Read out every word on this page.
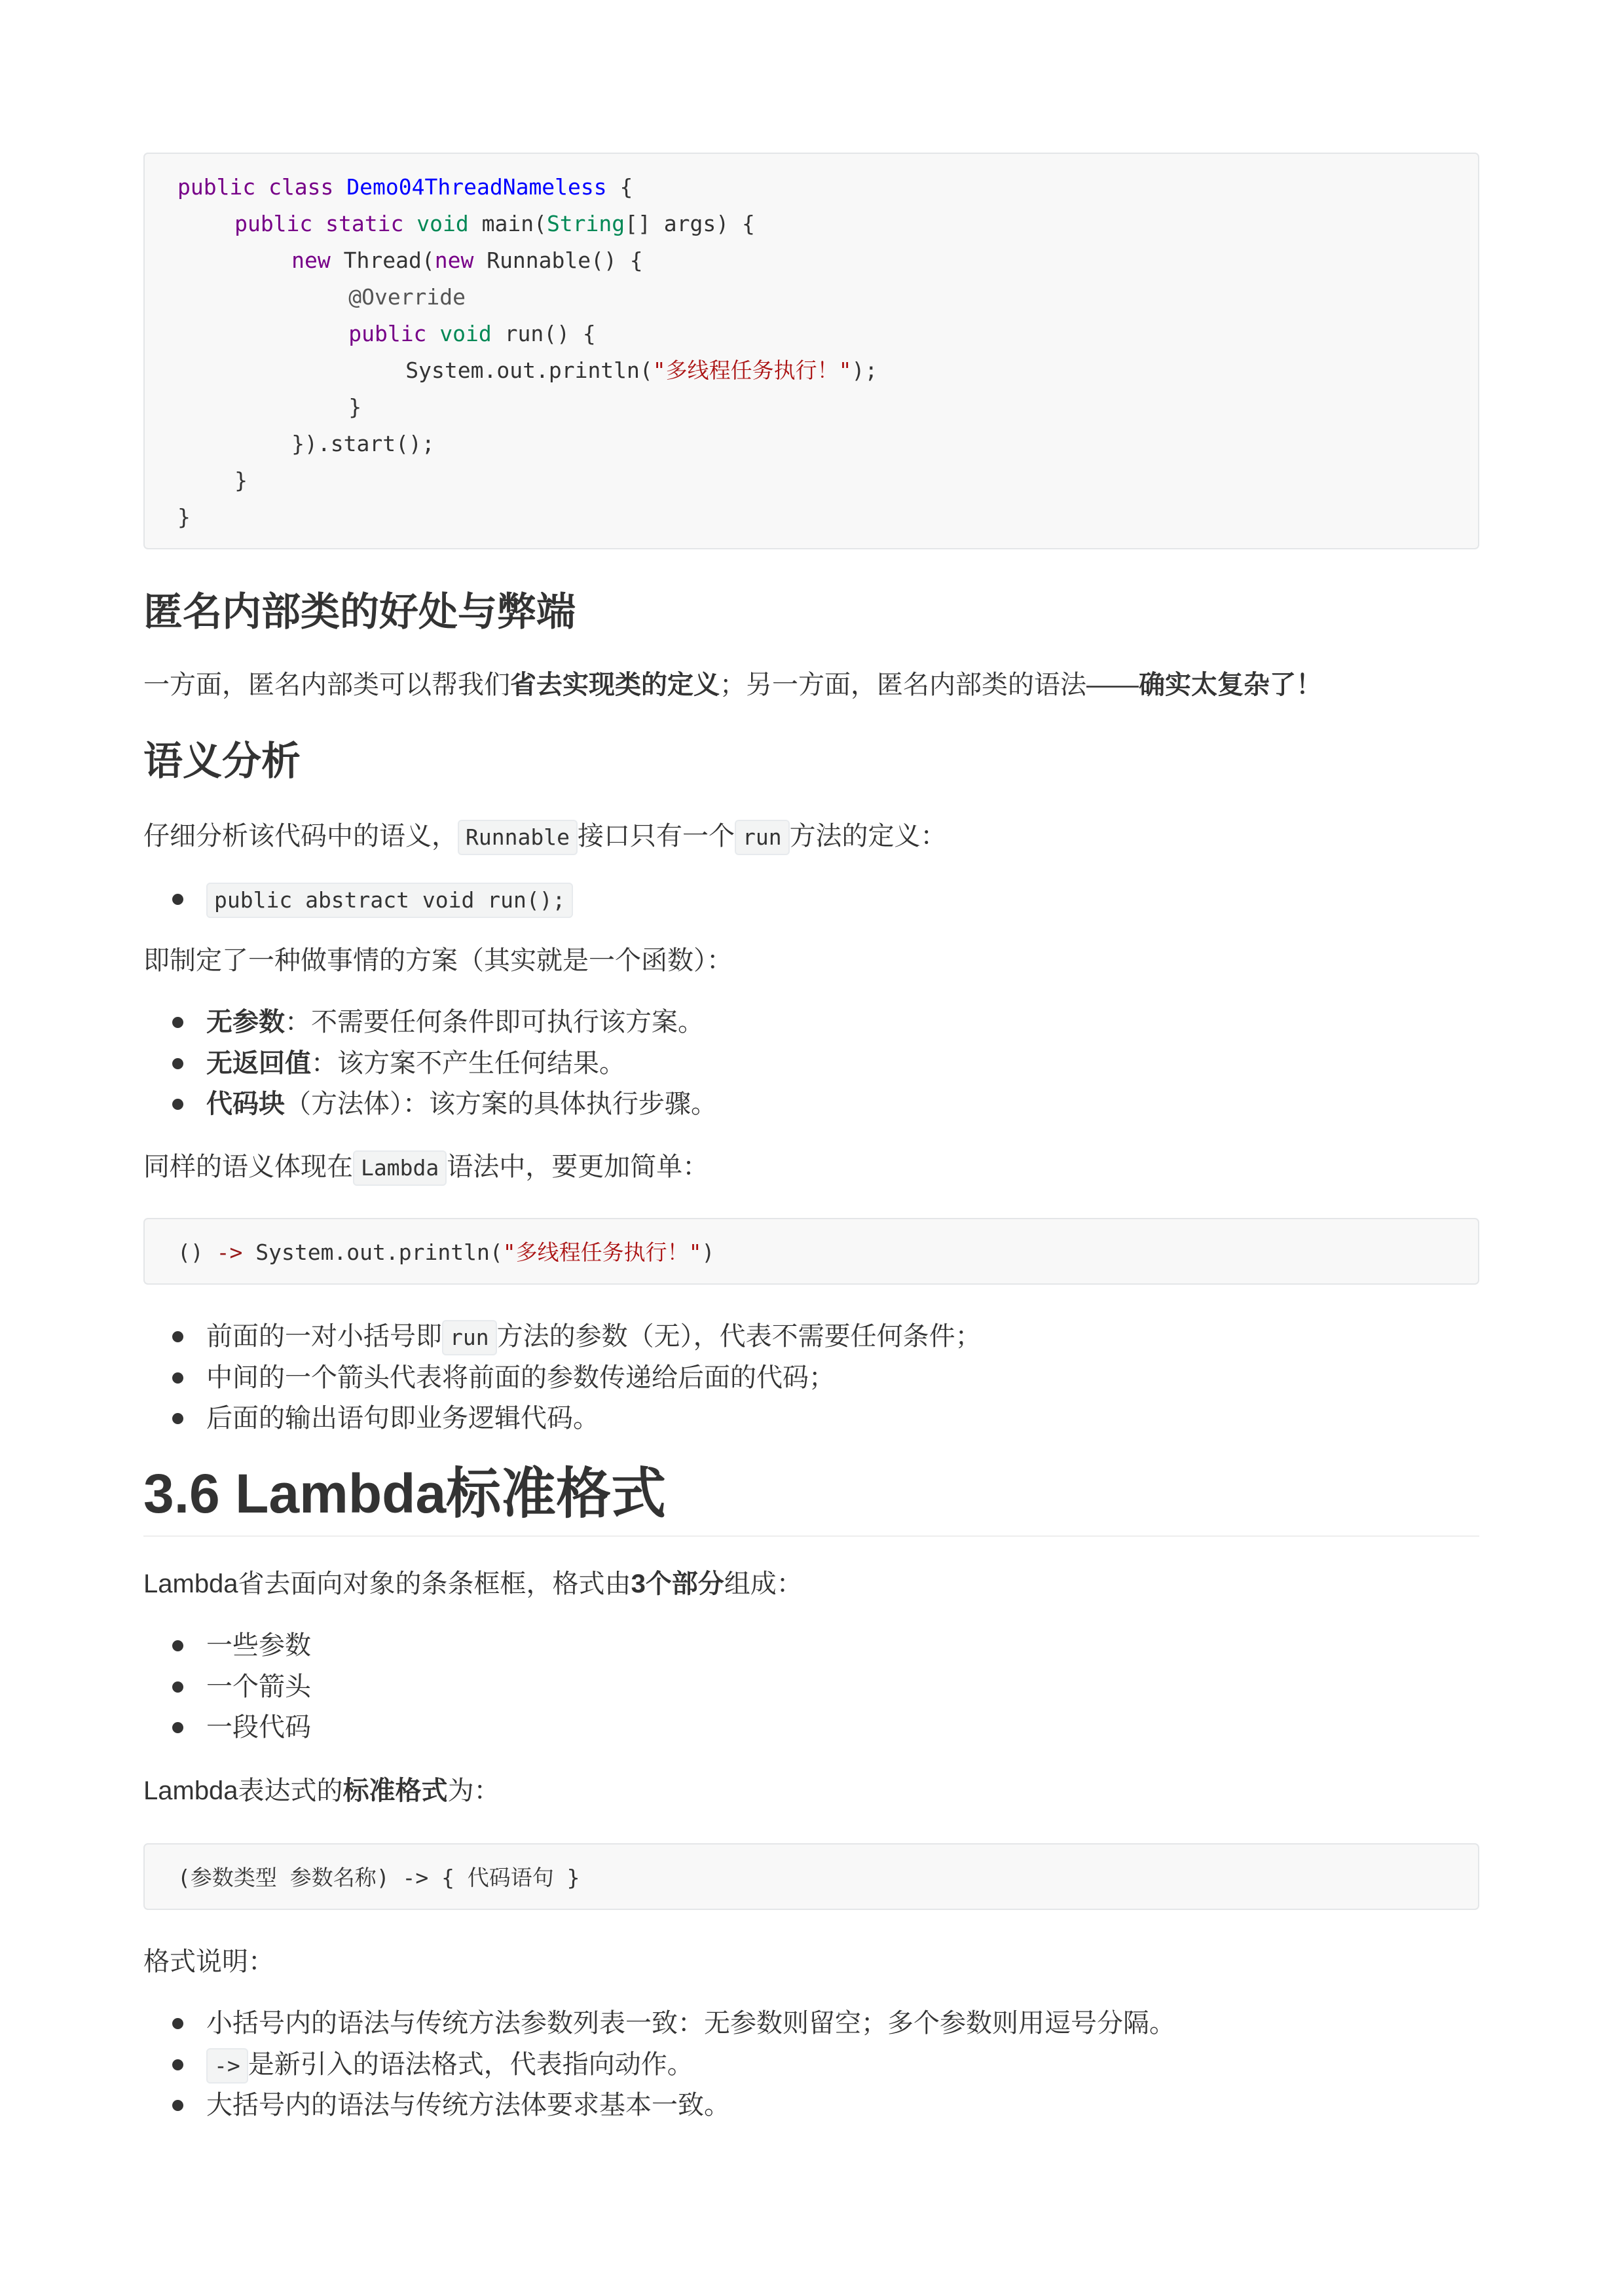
public class Demo04ThreadNameless {
public static void main(String[] args) {
new Thread(new Runnable() {
@Override
public void run() {
System.out.println("多线程任务执行！");
}
}).start();
}
}
匿名内部类的好处与弊端

一方面，匿名内部类可以帮我们省去实现类的定义；另一方面，匿名内部类的语法——确实太复杂了！

语义分析

仔细分析该代码中的语义， Runnable 接口只有一个 run 方法的定义：

public abstract void run();

即制定了一种做事情的方案（其实就是一个函数）：

无参数：不需要任何条件即可执行该方案。
无返回值：该方案不产生任何结果。
代码块（方法体）：该方案的具体执行步骤。

同样的语义体现在 Lambda 语法中，要更加简单：

() -> System.out.println("多线程任务执行！")
前面的一对小括号即 run 方法的参数（无），代表不需要任何条件；
中间的一个箭头代表将前面的参数传递给后面的代码；
后面的输出语句即业务逻辑代码。
3.6 Lambda标准格式

Lambda省去面向对象的条条框框，格式由3个部分组成：

一些参数
一个箭头
一段代码

Lambda表达式的标准格式为：

(参数类型 参数名称) -> { 代码语句 }

格式说明：

小括号内的语法与传统方法参数列表一致：无参数则留空；多个参数则用逗号分隔。
-> 是新引入的语法格式，代表指向动作。
大括号内的语法与传统方法体要求基本一致。
